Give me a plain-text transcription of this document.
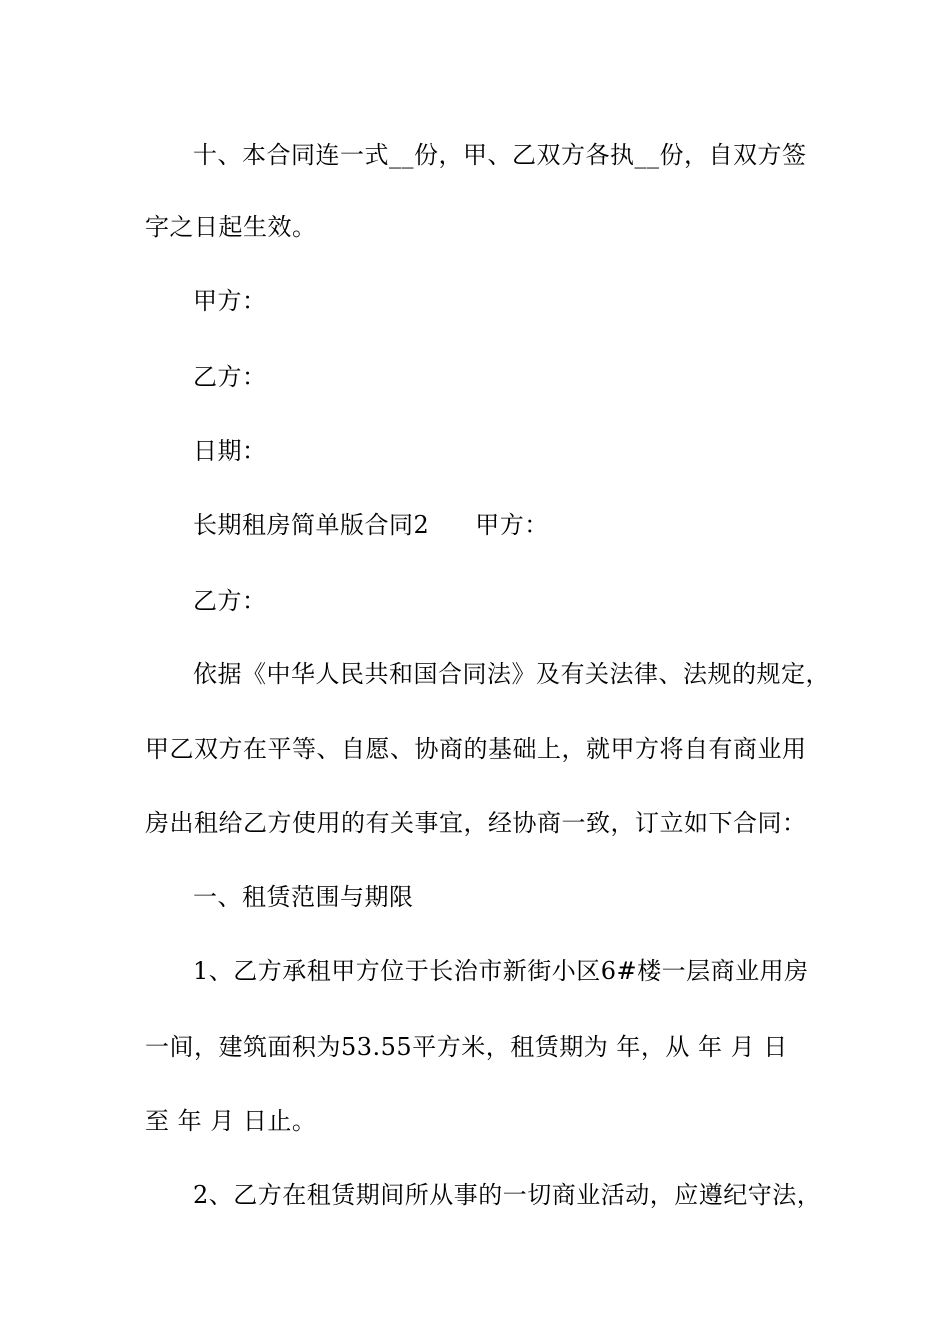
十、本合同连一式__份，甲、乙双方各执__份，自双方签
字之日起生效。
甲方：
乙方：
日期：
长期租房简单版合同2 甲方：
乙方：
依据《中华人民共和国合同法》及有关法律、法规的规定，
甲乙双方在平等、自愿、协商的基础上，就甲方将自有商业用
房出租给乙方使用的有关事宜，经协商一致，订立如下合同：
一、租赁范围与期限
1、乙方承租甲方位于长治市新街小区6#楼一层商业用房
一间，建筑面积为53.55平方米，租赁期为 年，从 年 月 日
至 年 月 日止。
2、乙方在租赁期间所从事的一切商业活动，应遵纪守法，
